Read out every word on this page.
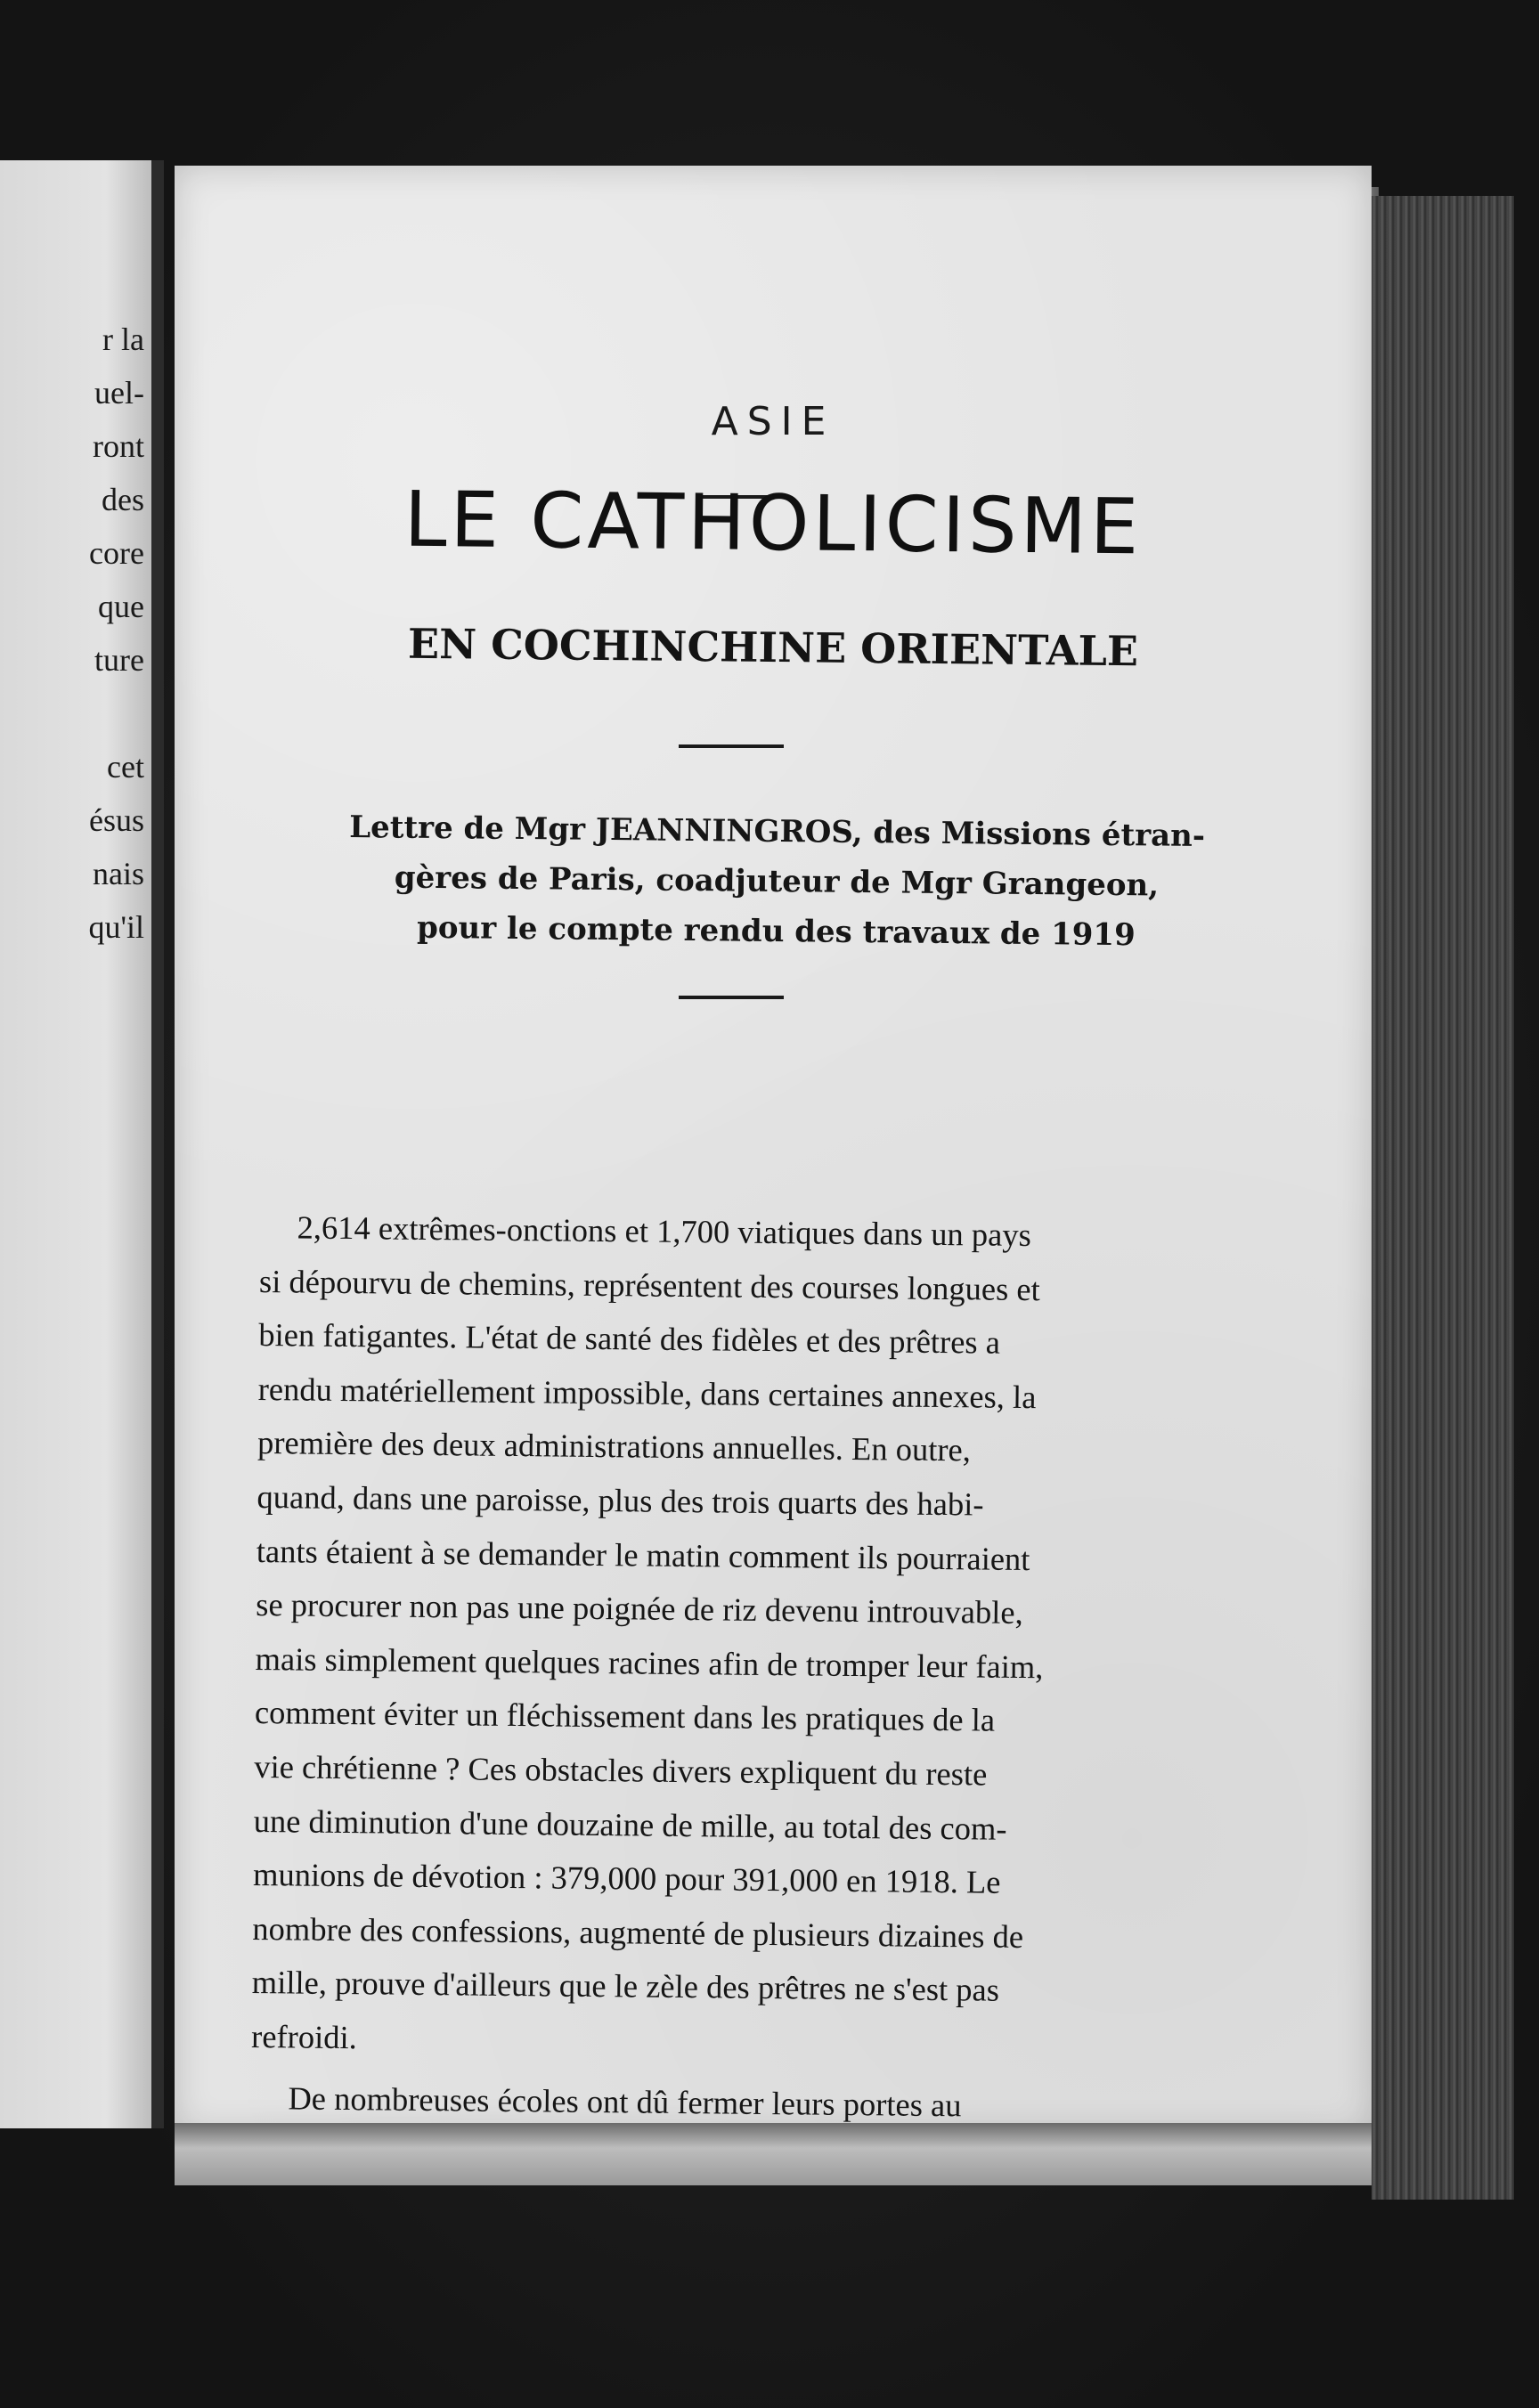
r la
uel-
ront
des
core
que
ture
cet
ésus
nais
qu'il
ASIE
LE CATHOLICISME
EN COCHINCHINE ORIENTALE
Lettre de Mgr JEANNINGROS, des Missions étran-
gères de Paris, coadjuteur de Mgr Grangeon,
pour le compte rendu des travaux de 1919
2,614 extrêmes-onctions et 1,700 viatiques dans un pays
si dépourvu de chemins, représentent des courses longues et
bien fatigantes. L'état de santé des fidèles et des prêtres a
rendu matériellement impossible, dans certaines annexes, la
première des deux administrations annuelles. En outre,
quand, dans une paroisse, plus des trois quarts des habi-
tants étaient à se demander le matin comment ils pourraient
se procurer non pas une poignée de riz devenu introuvable,
mais simplement quelques racines afin de tromper leur faim,
comment éviter un fléchissement dans les pratiques de la
vie chrétienne ? Ces obstacles divers expliquent du reste
une diminution d'une douzaine de mille, au total des com-
munions de dévotion : 379,000 pour 391,000 en 1918. Le
nombre des confessions, augmenté de plusieurs dizaines de
mille, prouve d'ailleurs que le zèle des prêtres ne s'est pas
refroidi.
De nombreuses écoles ont dû fermer leurs portes au
